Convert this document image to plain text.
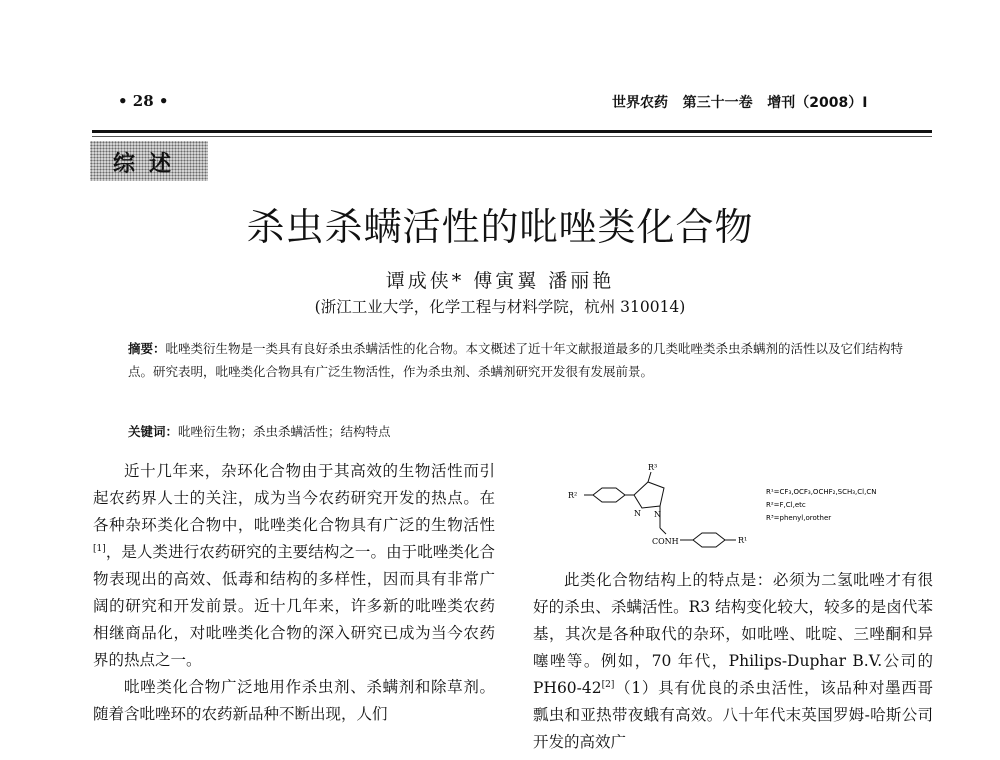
• 28 •	世界农药 第三十一卷 增刊（2008）Ⅰ
综述
杀虫杀螨活性的吡唑类化合物
谭成侠* 傅寅翼 潘丽艳
(浙江工业大学，化学工程与材料学院，杭州 310014)
摘要：吡唑类衍生物是一类具有良好杀虫杀螨活性的化合物。本文概述了近十年文献报道最多的几类吡唑类杀虫杀螨剂的活性以及它们结构特点。研究表明，吡唑类化合物具有广泛生物活性，作为杀虫剂、杀螨剂研究开发很有发展前景。
关键词：吡唑衍生物；杀虫杀螨活性；结构特点

近十几年来，杂环化合物由于其高效的生物活性而引起农药界人士的关注，成为当今农药研究开发的热点。在各种杂环类化合物中，吡唑类化合物具有广泛的生物活性[1]，是人类进行农药研究的主要结构之一。由于吡唑类化合物表现出的高效、低毒和结构的多样性，因而具有非常广阔的研究和开发前景。近十几年来，许多新的吡唑类农药相继商品化，对吡唑类化合物的深入研究已成为当今农药界的热点之一。

吡唑类化合物广泛地用作杀虫剂、杀螨剂和除草剂。随着含吡唑环的农药新品种不断出现，人们

R²
R³
N N
CONH	R¹
R¹=CF₃,OCF₃,OCHF₂,SCH₃,Cl,CN
R²=F,Cl,etc
R³=phenyl,orother

此类化合物结构上的特点是：必须为二氢吡唑才有很好的杀虫、杀螨活性。R3 结构变化较大，较多的是卤代苯基，其次是各种取代的杂环，如吡唑、吡啶、三唑酮和异噻唑等。例如，70 年代，Philips-Duphar B.V.公司的 PH60-42[2]（1）具有优良的杀虫活性，该品种对墨西哥瓢虫和亚热带夜蛾有高效。八十年代末英国罗姆-哈斯公司开发的高效广
